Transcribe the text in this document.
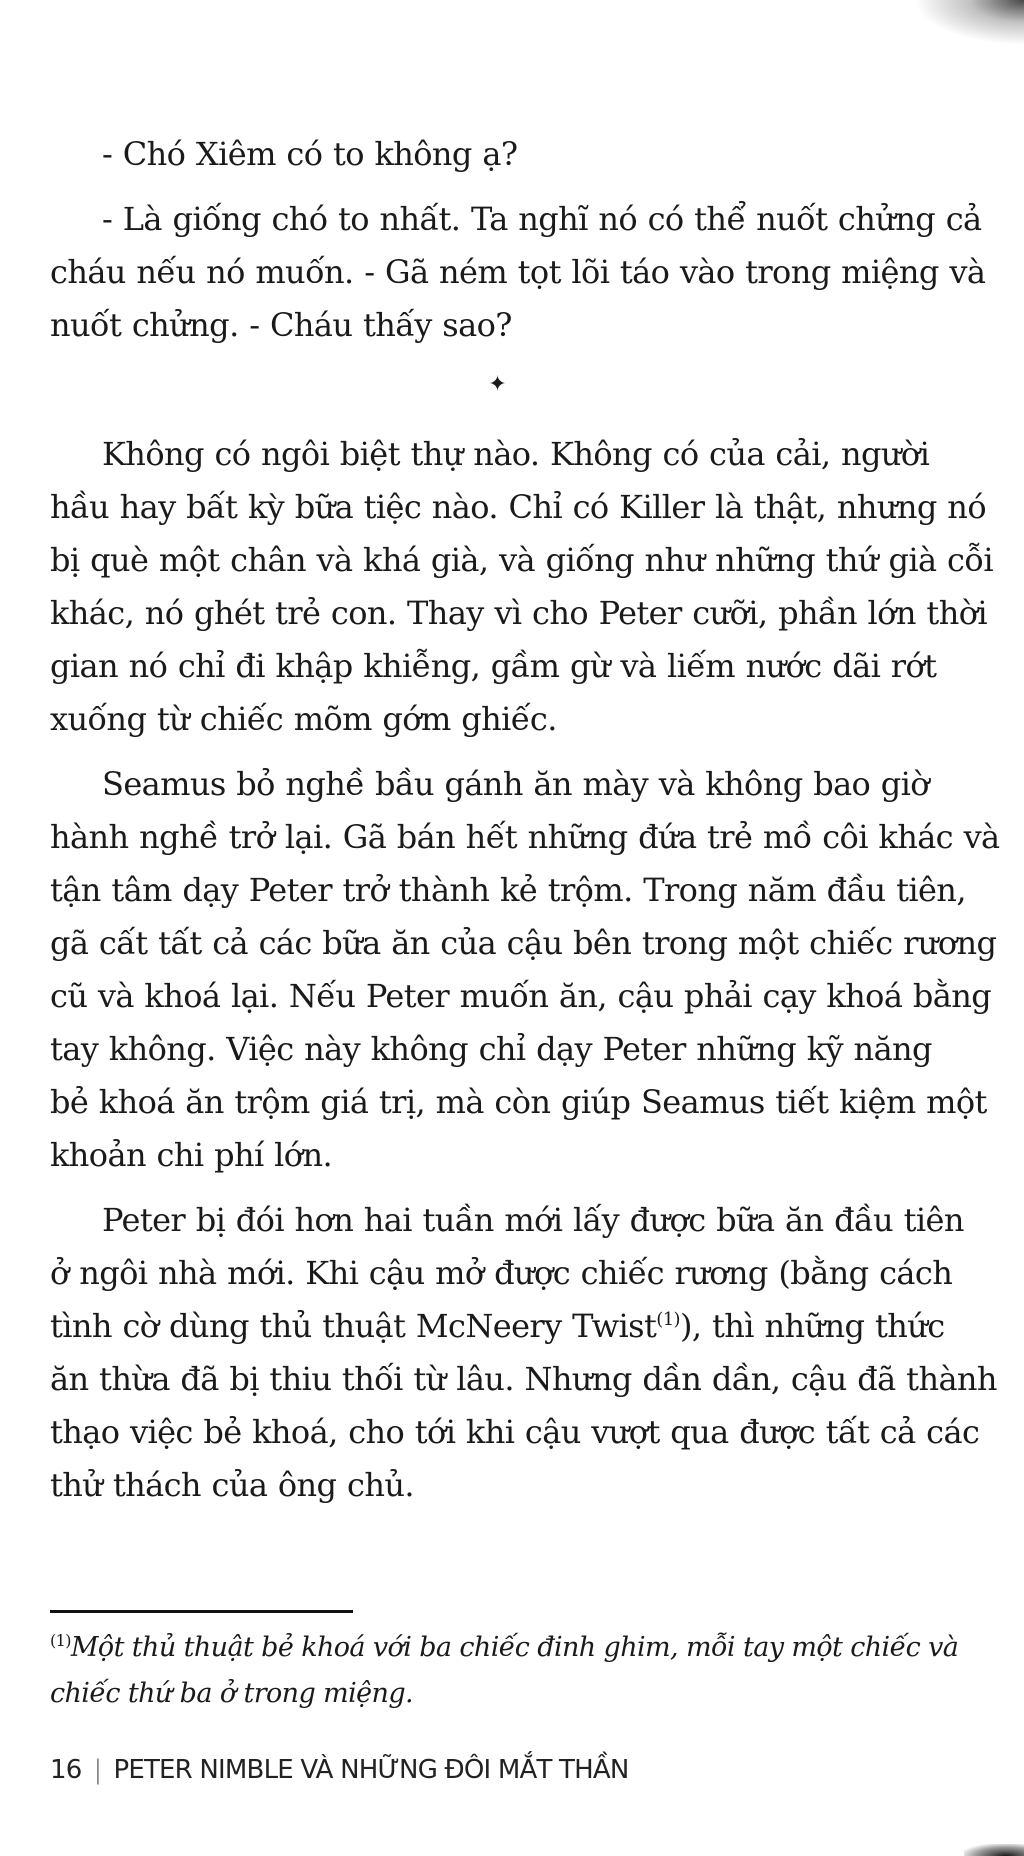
- Chó Xiêm có to không ạ?
- Là giống chó to nhất. Ta nghĩ nó có thể nuốt chửng cả
cháu nếu nó muốn. - Gã ném tọt lõi táo vào trong miệng và
nuốt chửng. - Cháu thấy sao?
✦
Không có ngôi biệt thự nào. Không có của cải, người
hầu hay bất kỳ bữa tiệc nào. Chỉ có Killer là thật, nhưng nó
bị què một chân và khá già, và giống như những thứ già cỗi
khác, nó ghét trẻ con. Thay vì cho Peter cưỡi, phần lớn thời
gian nó chỉ đi khập khiễng, gầm gừ và liếm nước dãi rớt
xuống từ chiếc mõm gớm ghiếc.
Seamus bỏ nghề bầu gánh ăn mày và không bao giờ
hành nghề trở lại. Gã bán hết những đứa trẻ mồ côi khác và
tận tâm dạy Peter trở thành kẻ trộm. Trong năm đầu tiên,
gã cất tất cả các bữa ăn của cậu bên trong một chiếc rương
cũ và khoá lại. Nếu Peter muốn ăn, cậu phải cạy khoá bằng
tay không. Việc này không chỉ dạy Peter những kỹ năng
bẻ khoá ăn trộm giá trị, mà còn giúp Seamus tiết kiệm một
khoản chi phí lớn.
Peter bị đói hơn hai tuần mới lấy được bữa ăn đầu tiên
ở ngôi nhà mới. Khi cậu mở được chiếc rương (bằng cách
tình cờ dùng thủ thuật McNeery Twist$^{(1)}$), thì những thức
ăn thừa đã bị thiu thối từ lâu. Nhưng dần dần, cậu đã thành
thạo việc bẻ khoá, cho tới khi cậu vượt qua được tất cả các
thử thách của ông chủ.
$^{(1)}$Một thủ thuật bẻ khoá với ba chiếc đinh ghim, mỗi tay một chiếc và
chiếc thứ ba ở trong miệng.
16 | PETER NIMBLE VÀ NHỮNG ĐÔI MẮT THẦN
